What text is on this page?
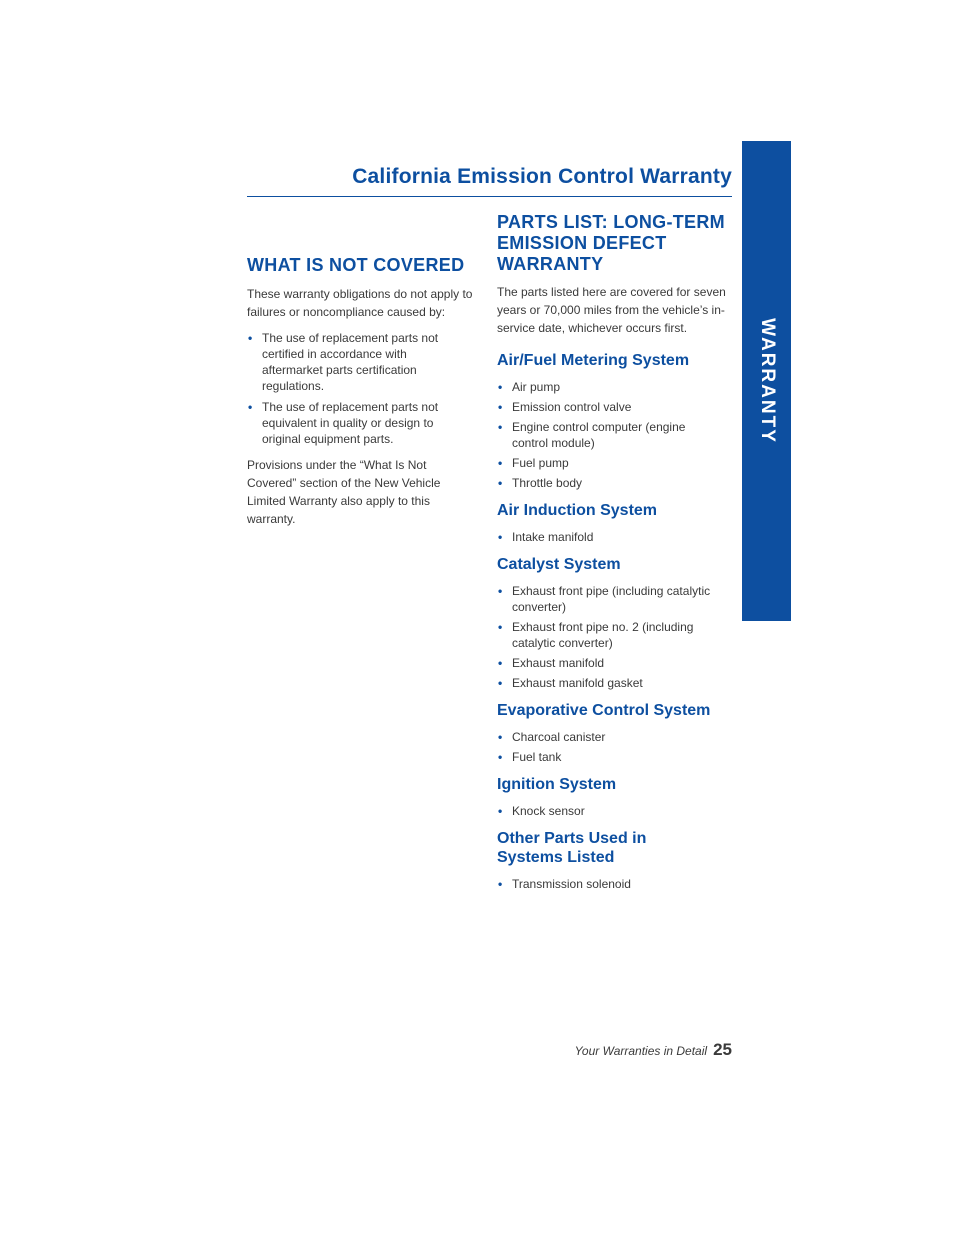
California Emission Control Warranty
WARRANTY
WHAT IS NOT COVERED

These warranty obligations do not apply to failures or noncompliance caused by:

• The use of replacement parts not certified in accordance with aftermarket parts certification regulations.
• The use of replacement parts not equivalent in quality or design to original equipment parts.

Provisions under the “What Is Not Covered” section of the New Vehicle Limited Warranty also apply to this warranty.

PARTS LIST: LONG-TERM EMISSION DEFECT WARRANTY

The parts listed here are covered for seven years or 70,000 miles from the vehicle’s in-service date, whichever occurs first.

Air/Fuel Metering System
• Air pump
• Emission control valve
• Engine control computer (engine control module)
• Fuel pump
• Throttle body
Air Induction System
• Intake manifold
Catalyst System
• Exhaust front pipe (including catalytic converter)
• Exhaust front pipe no. 2 (including catalytic converter)
• Exhaust manifold
• Exhaust manifold gasket
Evaporative Control System
• Charcoal canister
• Fuel tank
Ignition System
• Knock sensor
Other Parts Used in Systems Listed
• Transmission solenoid
Your Warranties in Detail 25
